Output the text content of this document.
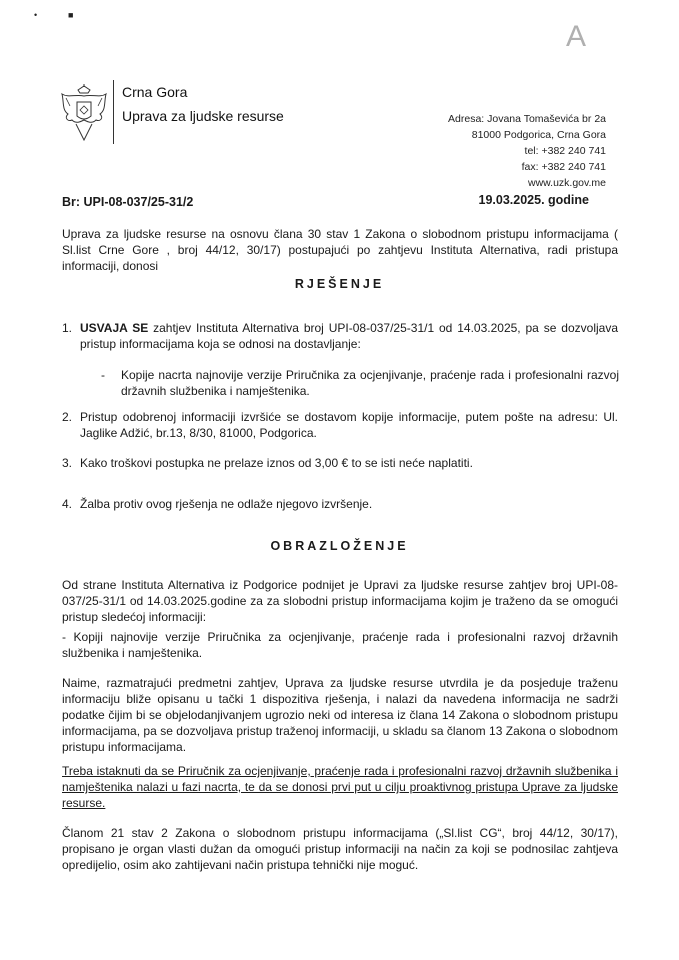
•	■
A
Crna Gora
Uprava za ljudske resurse	Adresa: Jovana Tomaševića br 2a
81000 Podgorica, Crna Gora
tel: +382 240 741
fax: +382 240 741
www.uzk.gov.me
Br: UPI-08-037/25-31/2	19.03.2025. godine
Uprava za ljudske resurse na osnovu člana 30 stav 1 Zakona o slobodnom pristupu informacijama ( Sl.list Crne Gore , broj 44/12, 30/17) postupajući po zahtjevu Instituta Alternativa, radi pristupa informaciji, donosi
RJEŠENJE
1. USVAJA SE zahtjev Instituta Alternativa broj UPI-08-037/25-31/1 od 14.03.2025, pa se dozvoljava pristup informacijama koja se odnosi na dostavljanje:
- Kopije nacrta najnovije verzije Priručnika za ocjenjivanje, praćenje rada i profesionalni razvoj državnih službenika i namještenika.
2. Pristup odobrenoj informaciji izvršiće se dostavom kopije informacije, putem pošte na adresu: Ul. Jaglike Adžić, br.13, 8/30, 81000, Podgorica.
3. Kako troškovi postupka ne prelaze iznos od 3,00 € to se isti neće naplatiti.
4. Žalba protiv ovog rješenja ne odlaže njegovo izvršenje.
OBRAZLOŽENJE
Od strane Instituta Alternativa iz Podgorice podnijet je Upravi za ljudske resurse zahtjev broj UPI-08-037/25-31/1 od 14.03.2025.godine za za slobodni pristup informacijama kojim je traženo da se omogući pristup sledećoj informaciji:
- Kopiji najnovije verzije Priručnika za ocjenjivanje, praćenje rada i profesionalni razvoj državnih službenika i namještenika.
Naime, razmatrajući predmetni zahtjev, Uprava za ljudske resurse utvrdila je da posjeduje traženu informaciju bliže opisanu u tački 1 dispozitiva rješenja, i nalazi da navedena informacija ne sadrži podatke čijim bi se objelodanjivanjem ugrozio neki od interesa iz člana 14 Zakona o slobodnom pristupu informacijama, pa se dozvoljava pristup traženoj informaciji, u skladu sa članom 13 Zakona o slobodnom pristupu informacijama.
Treba istaknuti da se Priručnik za ocjenjivanje, praćenje rada i profesionalni razvoj državnih službenika i namještenika nalazi u fazi nacrta, te da se donosi prvi put u cilju proaktivnog pristupa Uprave za ljudske resurse.
Članom 21 stav 2 Zakona o slobodnom pristupu informacijama („Sl.list CG“, broj 44/12, 30/17), propisano je organ vlasti dužan da omogući pristup informaciji na način za koji se podnosilac zahtjeva opredijelio, osim ako zahtijevani način pristupa tehnički nije moguć.
